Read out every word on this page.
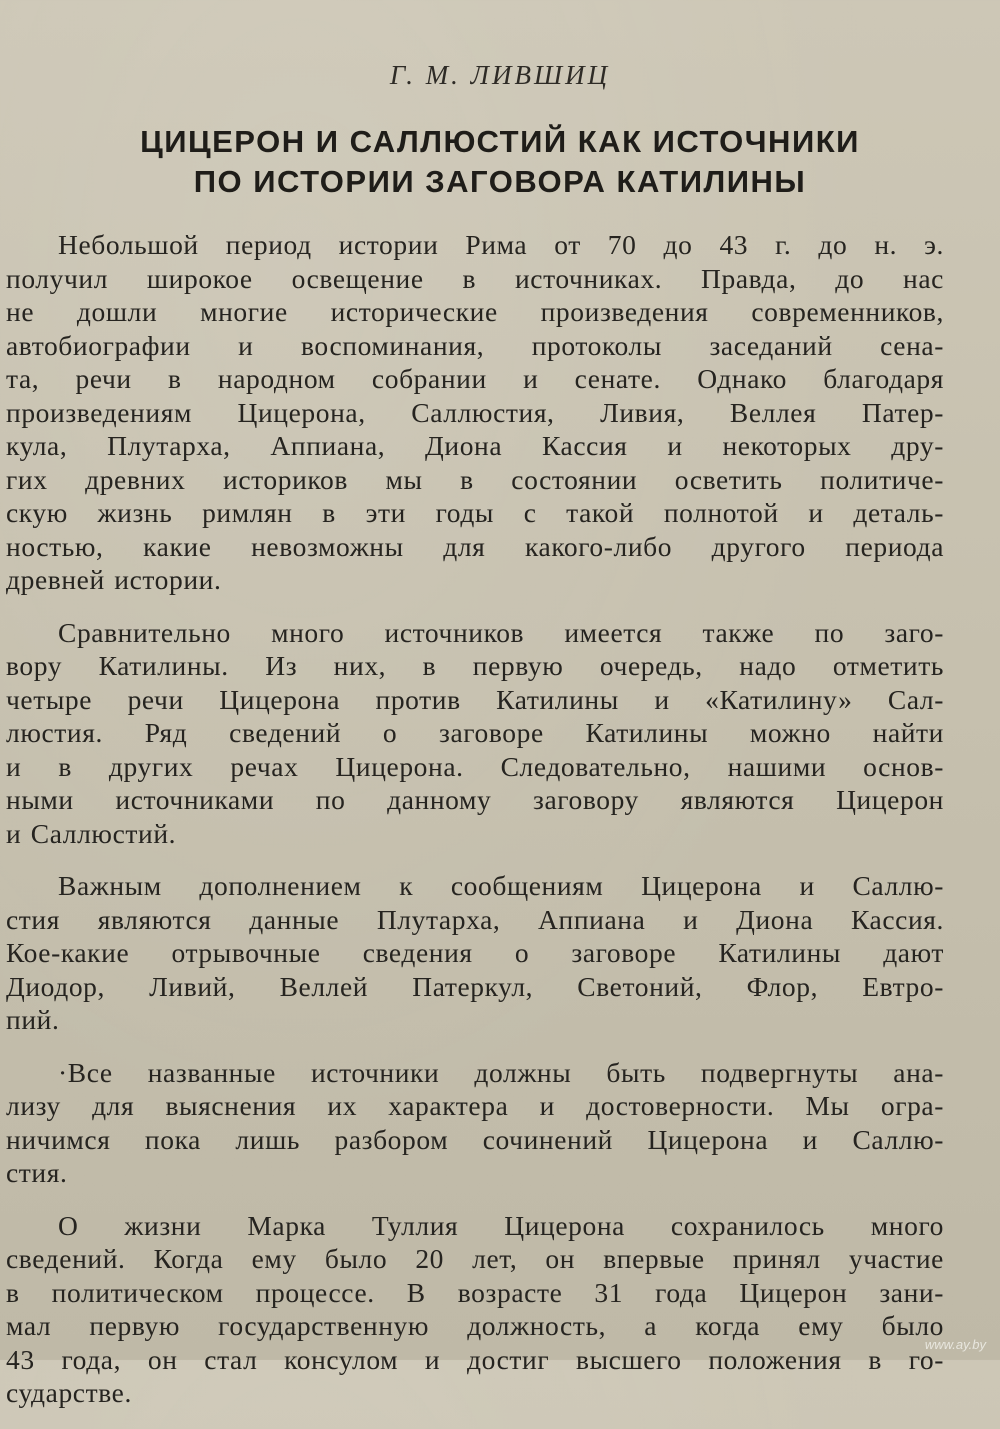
Г. М. ЛИВШИЦ
ЦИЦЕРОН И САЛЛЮСТИЙ КАК ИСТОЧНИКИ
ПО ИСТОРИИ ЗАГОВОРА КАТИЛИНЫ
Небольшой период истории Рима от 70 до 43 г. до н. э.
получил широкое освещение в источниках. Правда, до нас
не дошли многие исторические произведения современников,
автобиографии и воспоминания, протоколы заседаний сена-
та, речи в народном собрании и сенате. Однако благодаря
произведениям Цицерона, Саллюстия, Ливия, Веллея Патер-
кула, Плутарха, Аппиана, Диона Кассия и некоторых дру-
гих древних историков мы в состоянии осветить политиче-
скую жизнь римлян в эти годы с такой полнотой и деталь-
ностью, какие невозможны для какого-либо другого периода
древней истории.
Сравнительно много источников имеется также по заго-
вору Катилины. Из них, в первую очередь, надо отметить
четыре речи Цицерона против Катилины и «Катилину» Сал-
люстия. Ряд сведений о заговоре Катилины можно найти
и в других речах Цицерона. Следовательно, нашими основ-
ными источниками по данному заговору являются Цицерон
и Саллюстий.
Важным дополнением к сообщениям Цицерона и Саллю-
стия являются данные Плутарха, Аппиана и Диона Кассия.
Кое-какие отрывочные сведения о заговоре Катилины дают
Диодор, Ливий, Веллей Патеркул, Светоний, Флор, Евтро-
пий.
·Все названные источники должны быть подвергнуты ана-
лизу для выяснения их характера и достоверности. Мы огра-
ничимся пока лишь разбором сочинений Цицерона и Саллю-
стия.
О жизни Марка Туллия Цицерона сохранилось много
сведений. Когда ему было 20 лет, он впервые принял участие
в политическом процессе. В возрасте 31 года Цицерон зани-
мал первую государственную должность, а когда ему было
43 года, он стал консулом и достиг высшего положения в го-
сударстве.
www.ay.by
